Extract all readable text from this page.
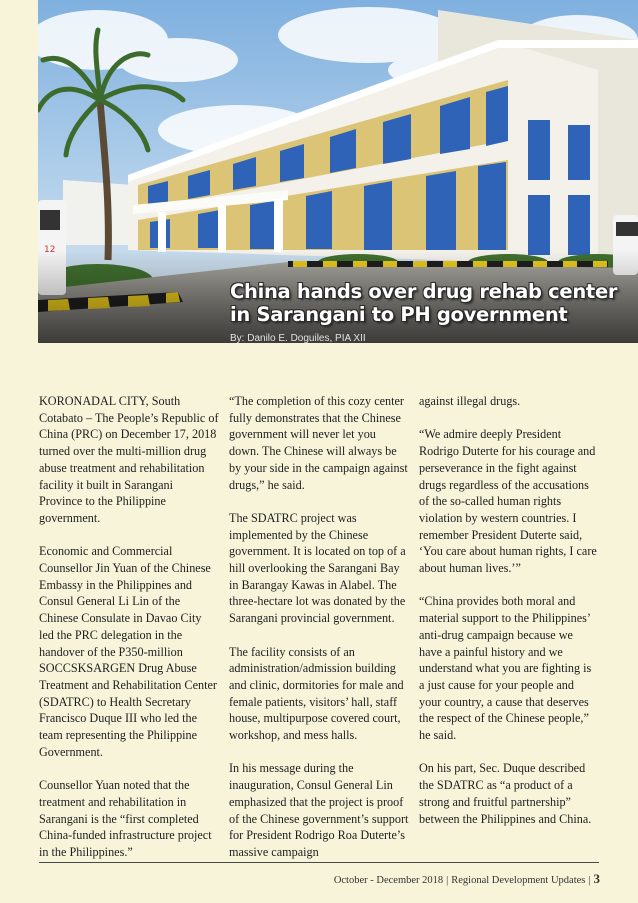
China hands over drug rehab center
in Sarangani to PH government
By: Danilo E. Doguiles, PIA XII

KORONADAL CITY, South Cotabato – The People’s Republic of China (PRC) on December 17, 2018 turned over the multi-million drug abuse treatment and rehabilitation facility it built in Sarangani Province to the Philippine government.

Economic and Commercial Counsellor Jin Yuan of the Chinese Embassy in the Philippines and Consul General Li Lin of the Chinese Consulate in Davao City led the PRC delegation in the handover of the P350-million SOCCSKSARGEN Drug Abuse Treatment and Rehabilitation Center (SDATRC) to Health Secretary Francisco Duque III who led the team representing the Philippine Government.

Counsellor Yuan noted that the treatment and rehabilitation in Sarangani is the “first completed China-funded infrastructure project in the Philippines.”

“The completion of this cozy center fully demonstrates that the Chinese government will never let you down. The Chinese will always be by your side in the campaign against drugs,” he said.

The SDATRC project was implemented by the Chinese government. It is located on top of a hill overlooking the Sarangani Bay in Barangay Kawas in Alabel. The three-hectare lot was donated by the Sarangani provincial government.

The facility consists of an administration/admission building and clinic, dormitories for male and female patients, visitors’ hall, staff house, multipurpose covered court, workshop, and mess halls.

In his message during the inauguration, Consul General Lin emphasized that the project is proof of the Chinese government’s support for President Rodrigo Roa Duterte’s massive campaign

against illegal drugs.

“We admire deeply President Rodrigo Duterte for his courage and perseverance in the fight against drugs regardless of the accusations of the so-called human rights violation by western countries. I remember President Duterte said, ‘You care about human rights, I care about human lives.’”

“China provides both moral and material support to the Philippines’ anti-drug campaign because we have a painful history and we understand what you are fighting is a just cause for your people and your country, a cause that deserves the respect of the Chinese people,” he said.

On his part, Sec. Duque described the SDATRC as “a product of a strong and fruitful partnership” between the Philippines and China.

October - December 2018 | Regional Development Updates | 3
